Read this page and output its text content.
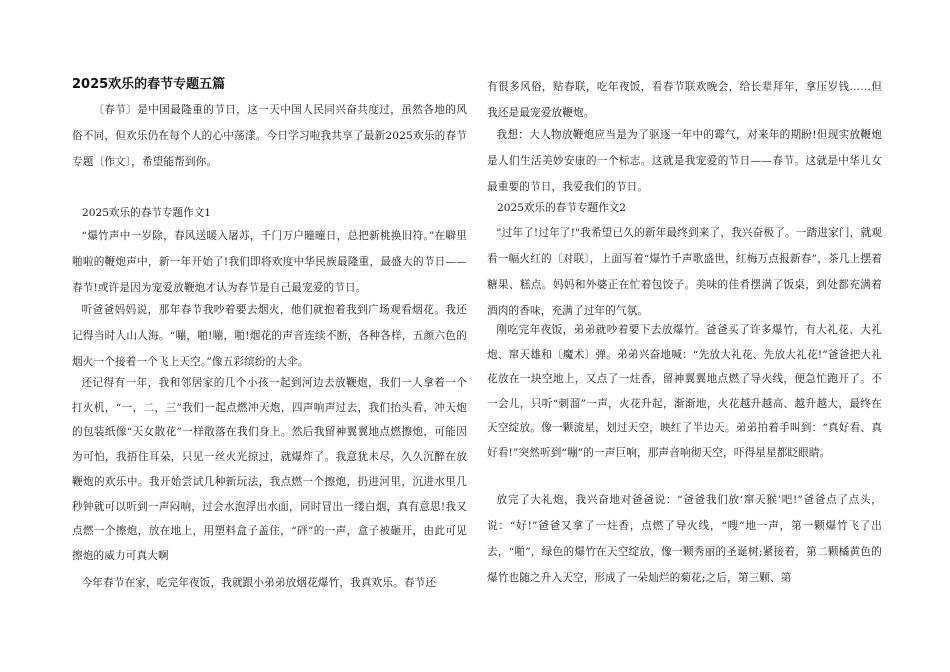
2025欢乐的春节专题五篇

〔春节〕是中国最隆重的节日，这一天中国人民同兴奋共度过，虽然各地的风俗不同，但欢乐仍在每个人的心中荡漾。今日学习啦我共享了最新2025欢乐的春节专题〔作文〕，希望能帮到你。

2025欢乐的春节专题作文1

“爆竹声中一岁除，春风送暖入屠苏，千门万户曈曈日，总把新桃换旧符。”在噼里啪啦的鞭炮声中，新一年开始了!我们即将欢度中华民族最隆重，最盛大的节日——春节!或许是因为宠爱放鞭炮才认为春节是自己最宠爱的节日。

听爸爸妈妈说，那年春节我吵着要去烟火，他们就抱着我到广场观看烟花。我还记得当时人山人海。“嘣，啪!嘣，啪!烟花的声音连续不断，各种各样，五颜六色的烟火一个接着一个飞上天空。”像五彩缤纷的大伞。

还记得有一年，我和邻居家的几个小孩一起到河边去放鞭炮，我们一人拿着一个打火机，“一，二，三”我们一起点燃冲天炮，四声响声过去，我们抬头看，冲天炮的包装纸像“天女散花”一样散落在我们身上。然后我留神翼翼地点燃擦炮，可能因为可怕，我捂住耳朵，只见一丝火光掠过，就爆炸了。我意犹未尽，久久沉醉在放鞭炮的欢乐中。我开始尝试几种新玩法，我点燃一个擦炮，扔进河里，沉进水里几秒钟就可以听到一声闷响，过会水泡浮出水面，同时冒出一缕白烟，真有意思!我又点燃一个擦炮，放在地上，用塑料盒子盖住，“砰”的一声，盒子被砸开，由此可见擦炮的威力可真大啊

今年春节在家，吃完年夜饭，我就跟小弟弟放烟花爆竹，我真欢乐。春节还

有很多风俗，贴春联，吃年夜饭，看春节联欢晚会，给长辈拜年，拿压岁钱……但我还是最宠爱放鞭炮。

我想：大人物放鞭炮应当是为了驱逐一年中的霉气，对来年的期盼!但现实放鞭炮是人们生活美妙安康的一个标志。这就是我宠爱的节日——春节。这就是中华儿女最重要的节日，我爱我们的节日。

2025欢乐的春节专题作文2

"过年了!过年了!"我希望已久的新年最终到来了，我兴奋极了。一踏进家门，就观看一幅火红的〔对联〕，上面写着“爆竹千声歌盛世，红梅万点报新春”，茶几上摆着糖果、糕点。妈妈和外婆正在忙着包饺子。美味的佳肴摆满了饭桌，到处都充满着酒肉的香味，充满了过年的气氛。

刚吃完年夜饭，弟弟就吵着要下去放爆竹。爸爸买了许多爆竹，有大礼花、大礼炮、窜天雄和〔魔术〕弹。弟弟兴奋地喊：“先放大礼花、先放大礼花!”爸爸把大礼花放在一块空地上，又点了一炷香，留神翼翼地点燃了导火线，便急忙跑开了。不一会儿，只听“刺溜”一声，火花升起，渐渐地，火花越升越高、越升越大，最终在天空绽放。像一颗流星，划过天空，映红了半边天。弟弟拍着手叫到：“真好看、真好看!”突然听到“嘣”的一声巨响，那声音响彻天空，吓得星星都眨眼睛。

放完了大礼炮，我兴奋地对爸爸说：“爸爸我们放‘窜天猴’吧!”爸爸点了点头，说：“好!”爸爸又拿了一炷香，点燃了导火线，“嗖”地一声，第一颗爆竹飞了出去，“啪”，绿色的爆竹在天空绽放，像一颗秀丽的圣诞树;紧接着，第二颗橘黄色的爆竹也随之升入天空，形成了一朵灿烂的菊花;之后，第三颗、第
